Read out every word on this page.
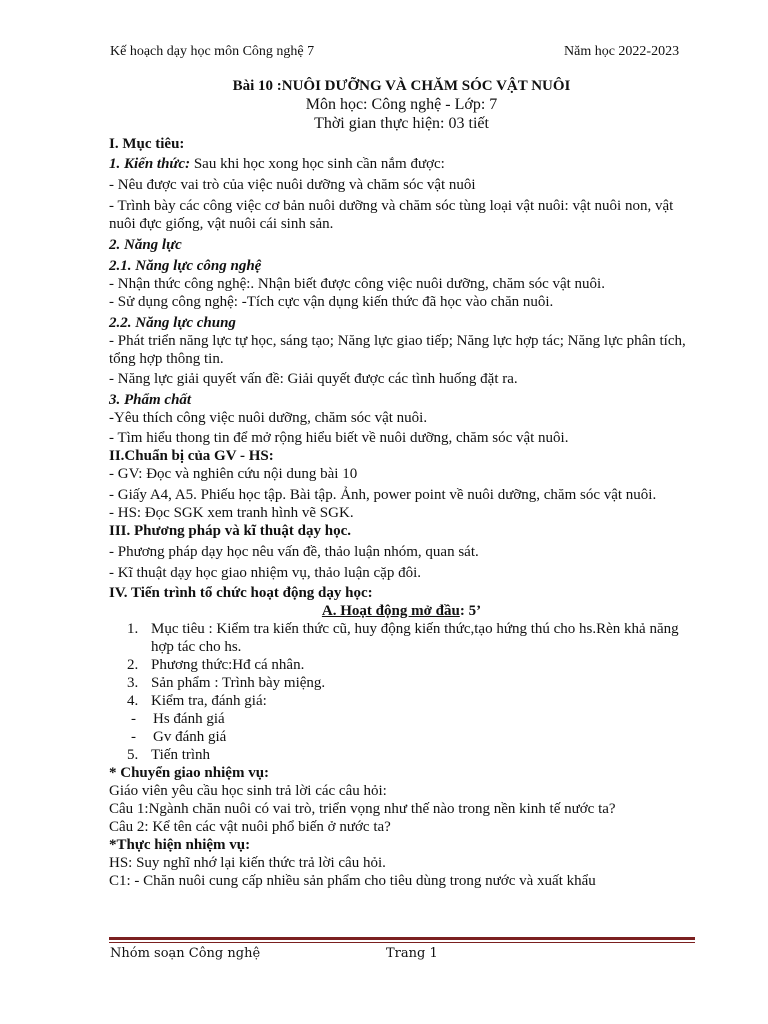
Kế hoạch dạy học môn Công nghệ 7	Năm học 2022-2023

Bài 10 :NUÔI DƯỠNG VÀ CHĂM SÓC VẬT NUÔI

Môn học: Công nghệ - Lớp: 7

Thời gian thực hiện: 03 tiết

I. Mục tiêu:

1. Kiến thức: Sau khi học xong học sinh cần nắm được:

- Nêu được vai trò của việc nuôi dưỡng và chăm sóc vật nuôi

- Trình bày các công việc cơ bản nuôi dưỡng và chăm sóc tùng loại vật nuôi: vật nuôi non, vật nuôi đực giống, vật nuôi cái sinh sản.

2. Năng lực

2.1. Năng lực công nghệ

- Nhận thức công nghệ:. Nhận biết được công việc nuôi dưỡng, chăm sóc vật nuôi.

- Sử dụng công nghệ: -Tích cực vận dụng kiến thức đã học vào chăn nuôi.

2.2. Năng lực chung

- Phát triển năng lực tự học, sáng tạo; Năng lực giao tiếp; Năng lực hợp tác; Năng lực phân tích, tổng hợp thông tin.

- Năng lực giải quyết vấn đề: Giải quyết được các tình huống đặt ra.

3. Phẩm chất

-Yêu thích công việc nuôi dưỡng, chăm sóc vật nuôi.

- Tìm hiểu thong tin để mở rộng hiểu biết về nuôi dưỡng, chăm sóc vật nuôi.

II.Chuẩn bị của GV - HS:

- GV: Đọc và nghiên cứu nội dung bài 10

- Giấy A4, A5. Phiếu học tập. Bài tập. Ảnh, power point về nuôi dưỡng, chăm sóc vật nuôi.

- HS: Đọc SGK xem tranh hình vẽ SGK.

III. Phương pháp và kĩ thuật dạy học.

- Phương pháp dạy học nêu vấn đề, thảo luận nhóm, quan sát.

- Kĩ thuật dạy học giao nhiệm vụ, thảo luận cặp đôi.

IV. Tiến trình tổ chức hoạt động dạy học:

A. Hoạt động mở đầu: 5’

1. Mục tiêu : Kiểm tra kiến thức cũ, huy động kiến thức,tạo hứng thú cho hs.Rèn khả năng hợp tác cho hs.
2. Phương thức:Hđ cá nhân.
3. Sản phẩm : Trình bày miệng.
4. Kiểm tra, đánh giá:

- Hs đánh giá

- Gv đánh giá

5. Tiến trình

* Chuyển giao nhiệm vụ:

Giáo viên yêu cầu học sinh trả lời các câu hỏi:

Câu 1:Ngành chăn nuôi có vai trò, triển vọng như thế nào trong nền kinh tế nước ta?

Câu 2: Kể tên các vật nuôi phổ biến ở nước ta?

*Thực hiện nhiệm vụ:

HS: Suy nghĩ nhớ lại kiến thức trả lời câu hỏi.

C1: - Chăn nuôi cung cấp nhiều sản phẩm cho tiêu dùng trong nước và xuất khẩu

Nhóm soạn Công nghệ	Trang 1
